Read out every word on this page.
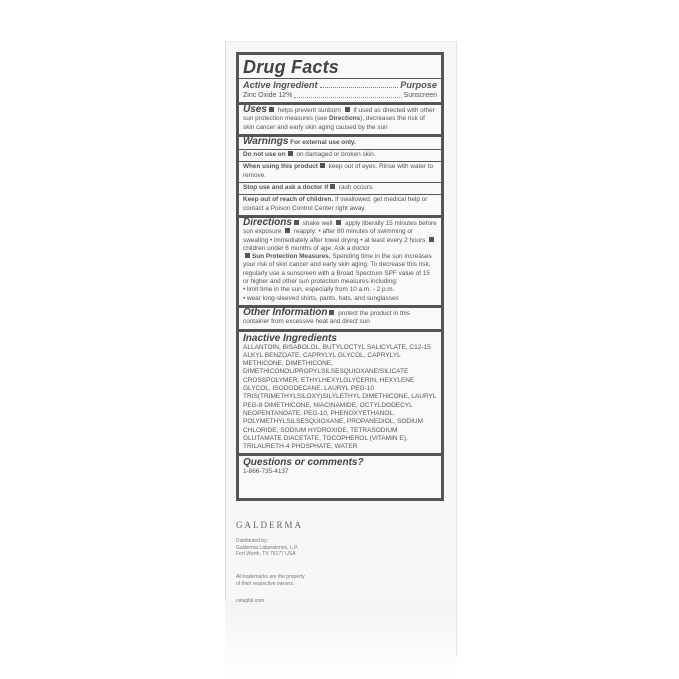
Drug Facts
Active Ingredient	Purpose
Zinc Oxide 12%	Sunscreen
Uses helps prevent sunburn  if used as directed with other sun protection measures (see Directions), decreases the risk of skin cancer and early skin aging caused by the sun
Warnings For external use only.
Do not use on on damaged or broken skin.
When using this product keep out of eyes. Rinse with water to remove.
Stop use and ask a doctor if rash occurs.
Keep out of reach of children. If swallowed, get medical help or contact a Poison Control Center right away.
Directions shake well  apply liberally 15 minutes before sun exposure  reapply: • after 80 minutes of swimming or sweating • immediately after towel drying • at least every 2 hours  children under 6 months of age: Ask a doctor
Sun Protection Measures. Spending time in the sun increases your risk of skin cancer and early skin aging. To decrease this risk, regularly use a sunscreen with a Broad Spectrum SPF value of 15 or higher and other sun protection measures including:
• limit time in the sun, especially from 10 a.m. - 2 p.m.
• wear long-sleeved shirts, pants, hats, and sunglasses
Other Information protect the product in this container from excessive heat and direct sun
Inactive Ingredients
ALLANTOIN, BISABOLOL, BUTYLOCTYL SALICYLATE, C12-15 ALKYL BENZOATE, CAPRYLYL GLYCOL, CAPRYLYL METHICONE, DIMETHICONE, DIMETHICONOL/PROPYLSILSESQUIOXANE/SILICATE CROSSPOLYMER, ETHYLHEXYLGLYCERIN, HEXYLENE GLYCOL, ISODODECANE, LAURYL PEG-10 TRIS(TRIMETHYLSILOXY)SILYLETHYL DIMETHICONE, LAURYL PEG-8 DIMETHICONE, NIACINAMIDE, OCTYLDODECYL NEOPENTANOATE, PEG-10, PHENOXYETHANOL, POLYMETHYLSILSESQUIOXANE, PROPANEDIOL, SODIUM CHLORIDE, SODIUM HYDROXIDE, TETRASODIUM GLUTAMATE DIACETATE, TOCOPHEROL (VITAMIN E), TRILAURETH-4 PHOSPHATE, WATER
Questions or comments?
1-866-735-4137
GALDERMA
Distributed by:
Galderma Laboratories, L.P.
Fort Worth, TX 76177 USA
All trademarks are the property
of their respective owners.
cetaphil.com
